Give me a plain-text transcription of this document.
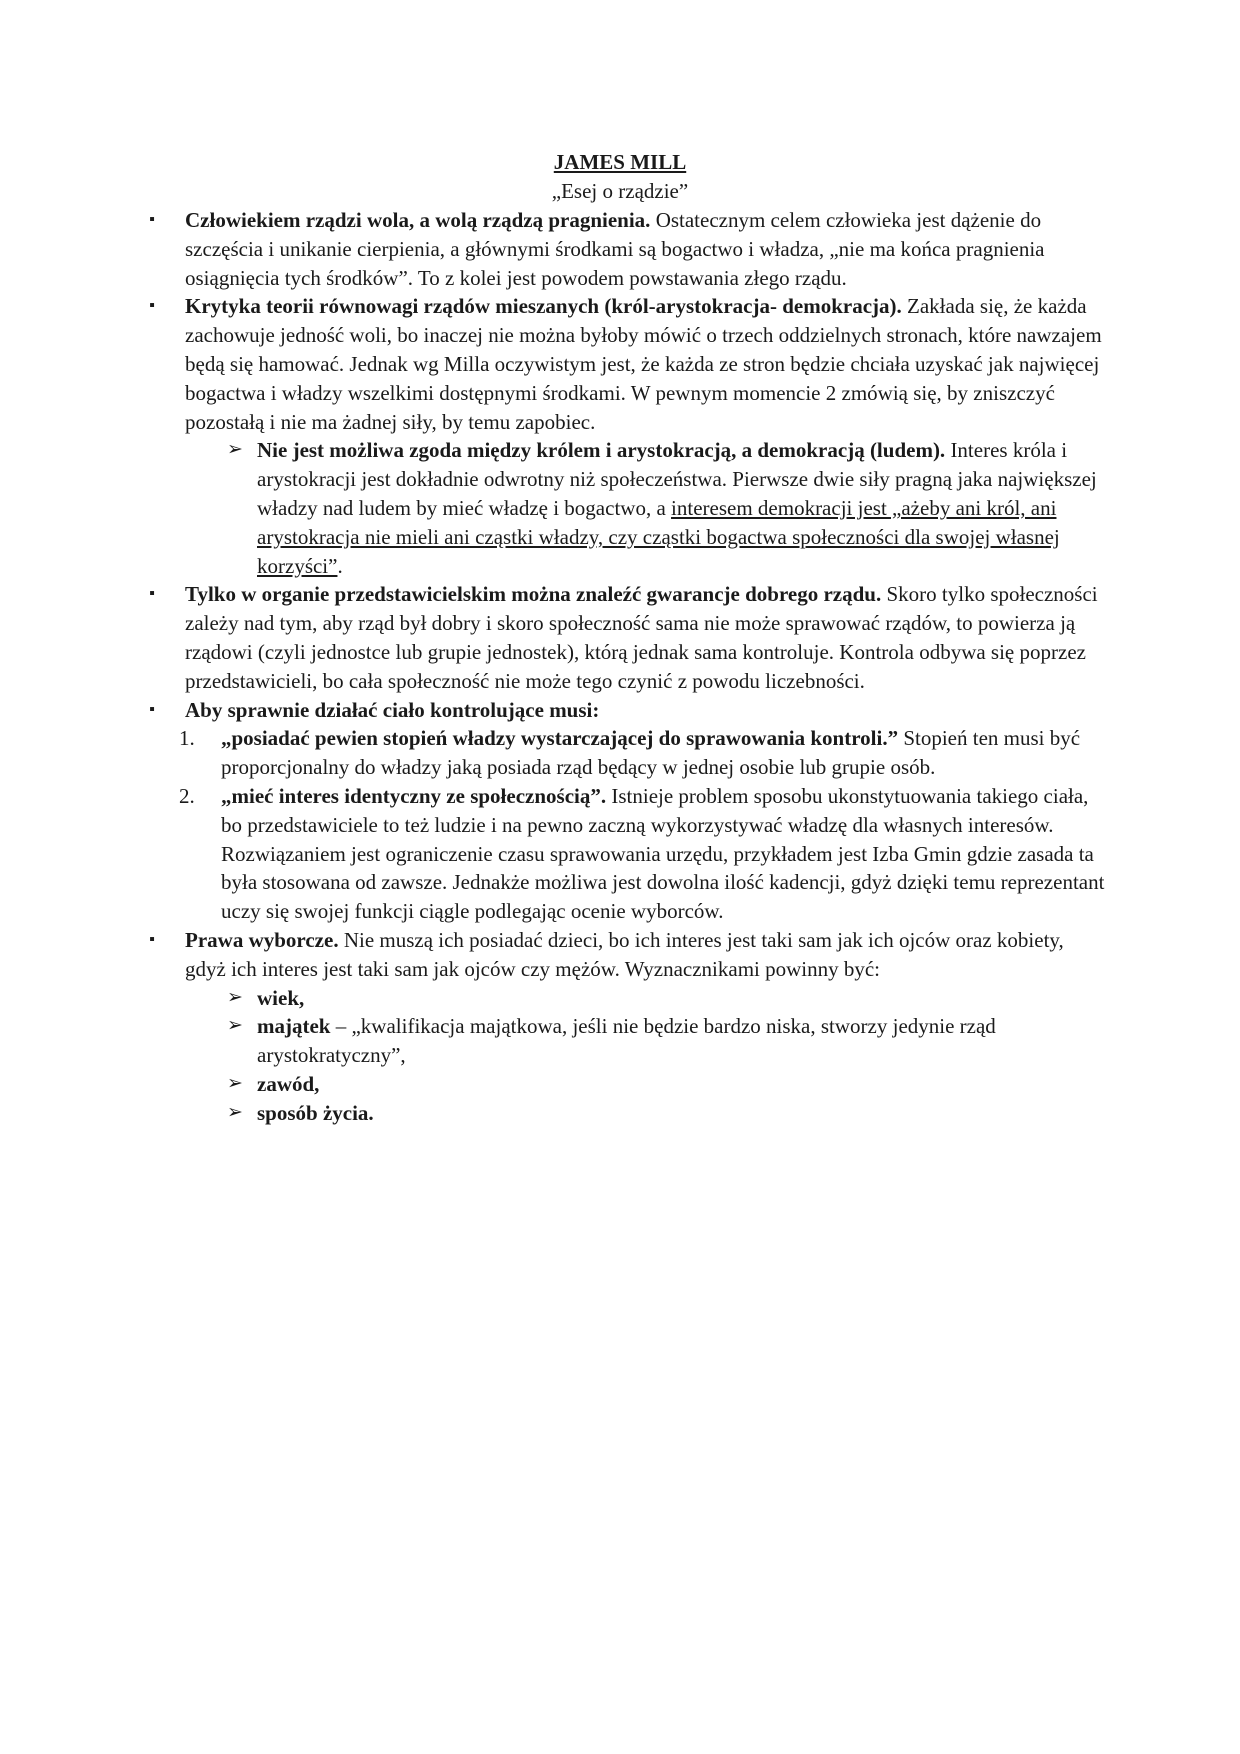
JAMES MILL
„Esej o rządzie”

▪	Człowiekiem rządzi wola, a wolą rządzą pragnienia. Ostatecznym celem człowieka jest dążenie do szczęścia i unikanie cierpienia, a głównymi środkami są bogactwo i władza, „nie ma końca pragnienia osiągnięcia tych środków”. To z kolei jest powodem powstawania złego rządu.

▪	Krytyka teorii równowagi rządów mieszanych (król-arystokracja- demokracja). Zakłada się, że każda zachowuje jedność woli, bo inaczej nie można byłoby mówić o trzech oddzielnych stronach, które nawzajem będą się hamować. Jednak wg Milla oczywistym jest, że każda ze stron będzie chciała uzyskać jak najwięcej bogactwa i władzy wszelkimi dostępnymi środkami. W pewnym momencie 2 zmówią się, by zniszczyć pozostałą i nie ma żadnej siły, by temu zapobiec.

➢ Nie jest możliwa zgoda między królem i arystokracją, a demokracją (ludem). Interes króla i arystokracji jest dokładnie odwrotny niż społeczeństwa. Pierwsze dwie siły pragną jaka największej władzy nad ludem by mieć władzę i bogactwo, a interesem demokracji jest „ażeby ani król, ani arystokracja nie mieli ani cząstki władzy, czy cząstki bogactwa społeczności dla swojej własnej korzyści”.

▪	Tylko w organie przedstawicielskim można znaleźć gwarancje dobrego rządu. Skoro tylko społeczności zależy nad tym, aby rząd był dobry i skoro społeczność sama nie może sprawować rządów, to powierza ją rządowi (czyli jednostce lub grupie jednostek), którą jednak sama kontroluje. Kontrola odbywa się poprzez przedstawicieli, bo cała społeczność nie może tego czynić z powodu liczebności.

▪	Aby sprawnie działać ciało kontrolujące musi:

1.	„posiadać pewien stopień władzy wystarczającej do sprawowania kontroli.” Stopień ten musi być proporcjonalny do władzy jaką posiada rząd będący w jednej osobie lub grupie osób.

2.	„mieć interes identyczny ze społecznością”. Istnieje problem sposobu ukonstytuowania takiego ciała, bo przedstawiciele to też ludzie i na pewno zaczną wykorzystywać władzę dla własnych interesów. Rozwiązaniem jest ograniczenie czasu sprawowania urzędu, przykładem jest Izba Gmin gdzie zasada ta była stosowana od zawsze. Jednakże możliwa jest dowolna ilość kadencji, gdyż dzięki temu reprezentant uczy się swojej funkcji ciągle podlegając ocenie wyborców.

▪	Prawa wyborcze. Nie muszą ich posiadać dzieci, bo ich interes jest taki sam jak ich ojców oraz kobiety, gdyż ich interes jest taki sam jak ojców czy mężów. Wyznacznikami powinny być:

➢ wiek,

➢ majątek – „kwalifikacja majątkowa, jeśli nie będzie bardzo niska, stworzy jedynie rząd arystokratyczny”,

➢ zawód,

➢ sposób życia.
